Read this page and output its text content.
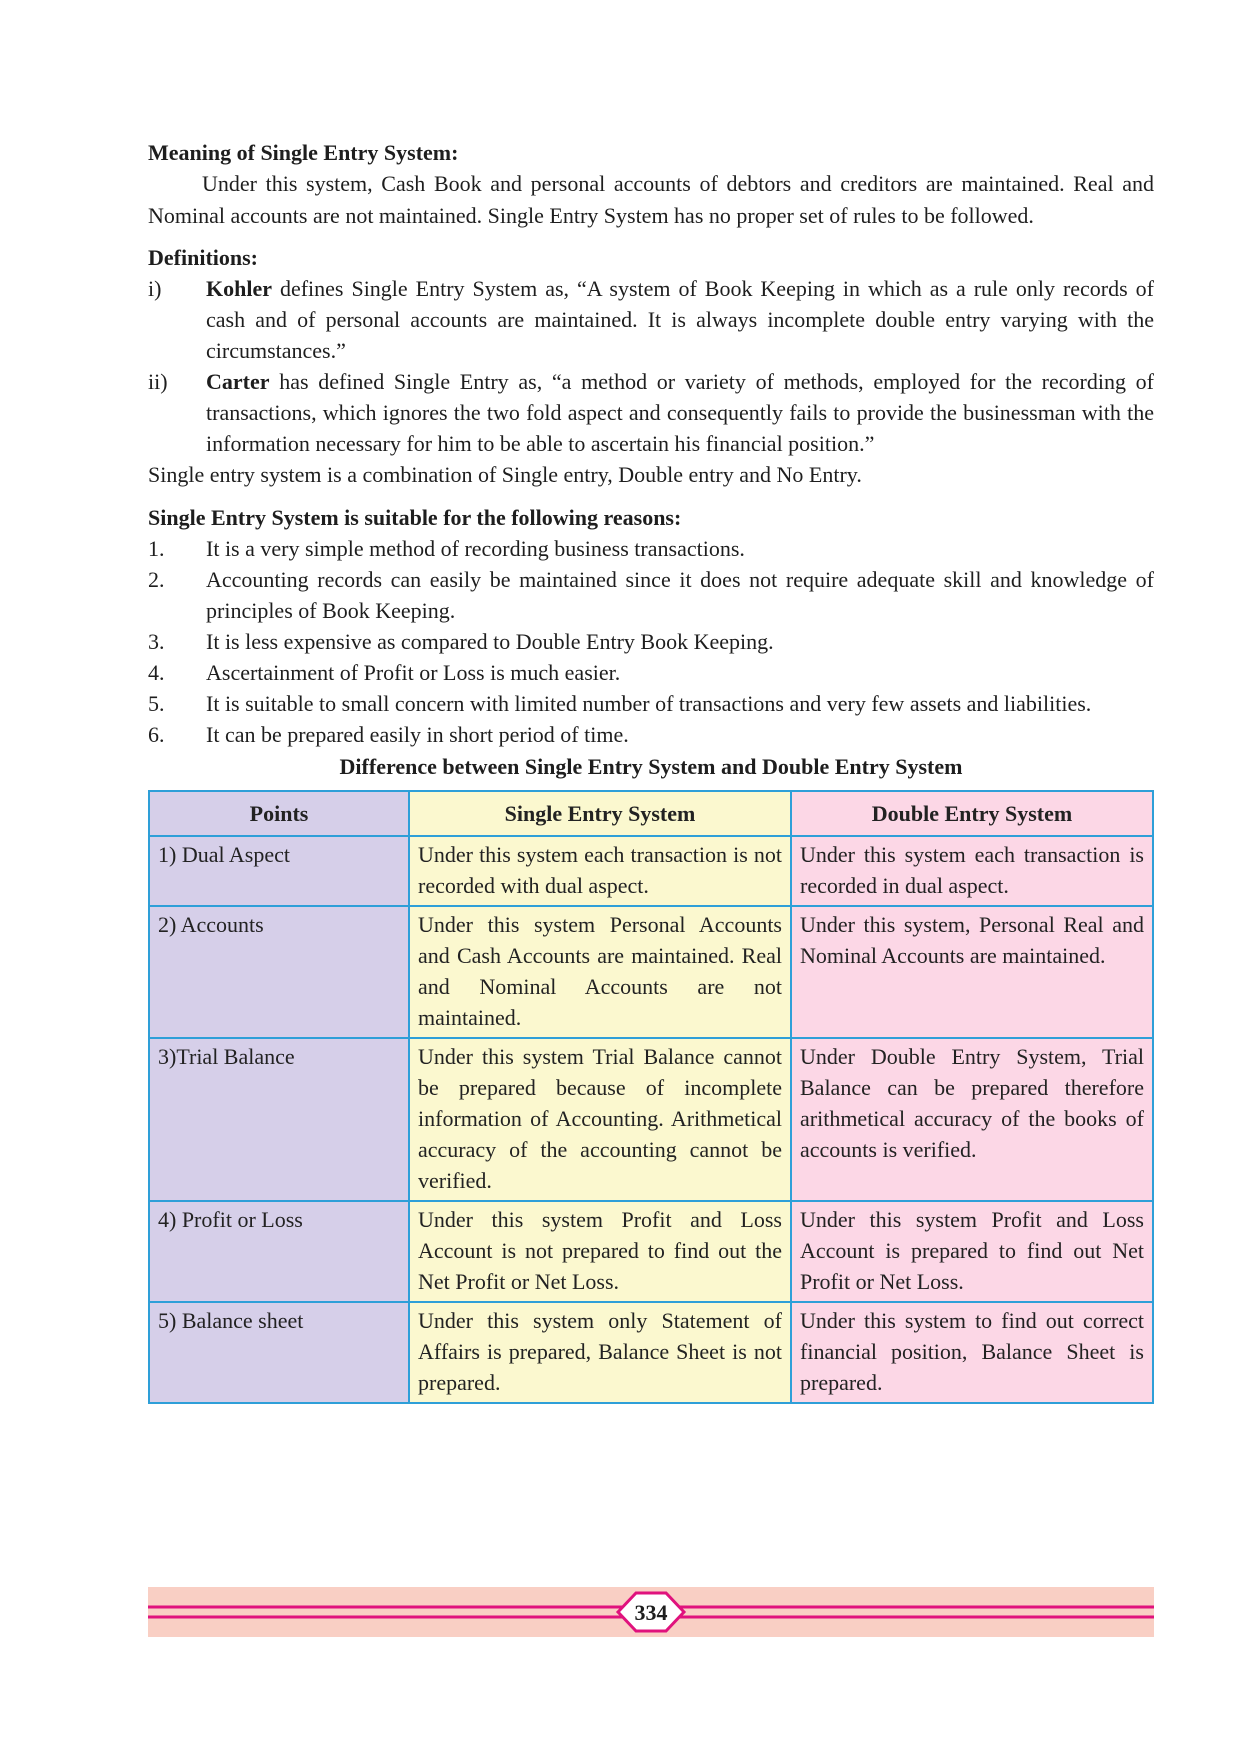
Meaning of Single Entry System:

Under this system, Cash Book and personal accounts of debtors and creditors are maintained. Real and Nominal accounts are not maintained. Single Entry System has no proper set of rules to be followed.

Definitions:
i) Kohler defines Single Entry System as, “A system of Book Keeping in which as a rule only records of cash and of personal accounts are maintained. It is always incomplete double entry varying with the circumstances.”
ii) Carter has defined Single Entry as, “a method or variety of methods, employed for the recording of transactions, which ignores the two fold aspect and consequently fails to provide the businessman with the information necessary for him to be able to ascertain his financial position.”

Single entry system is a combination of Single entry, Double entry and No Entry.

Single Entry System is suitable for the following reasons:
1. It is a very simple method of recording business transactions.
2. Accounting records can easily be maintained since it does not require adequate skill and knowledge of principles of Book Keeping.
3. It is less expensive as compared to Double Entry Book Keeping.
4. Ascertainment of Profit or Loss is much easier.
5. It is suitable to small concern with limited number of transactions and very few assets and liabilities.
6. It can be prepared easily in short period of time.

Difference between Single Entry System and Double Entry System

Points	Single Entry System	Double Entry System
1) Dual Aspect	Under this system each transaction is not recorded with dual aspect.	Under this system each transaction is recorded in dual aspect.
2) Accounts	Under this system Personal Accounts and Cash Accounts are maintained. Real and Nominal Accounts are not maintained.	Under this system, Personal Real and Nominal Accounts are maintained.
3)Trial Balance	Under this system Trial Balance cannot be prepared because of incomplete information of Accounting. Arithmetical accuracy of the accounting cannot be verified.	Under Double Entry System, Trial Balance can be prepared therefore arithmetical accuracy of the books of accounts is verified.
4) Profit or Loss	Under this system Profit and Loss Account is not prepared to find out the Net Profit or Net Loss.	Under this system Profit and Loss Account is prepared to find out Net Profit or Net Loss.
5) Balance sheet	Under this system only Statement of Affairs is prepared, Balance Sheet is not prepared.	Under this system to find out correct financial position, Balance Sheet is prepared.
334
